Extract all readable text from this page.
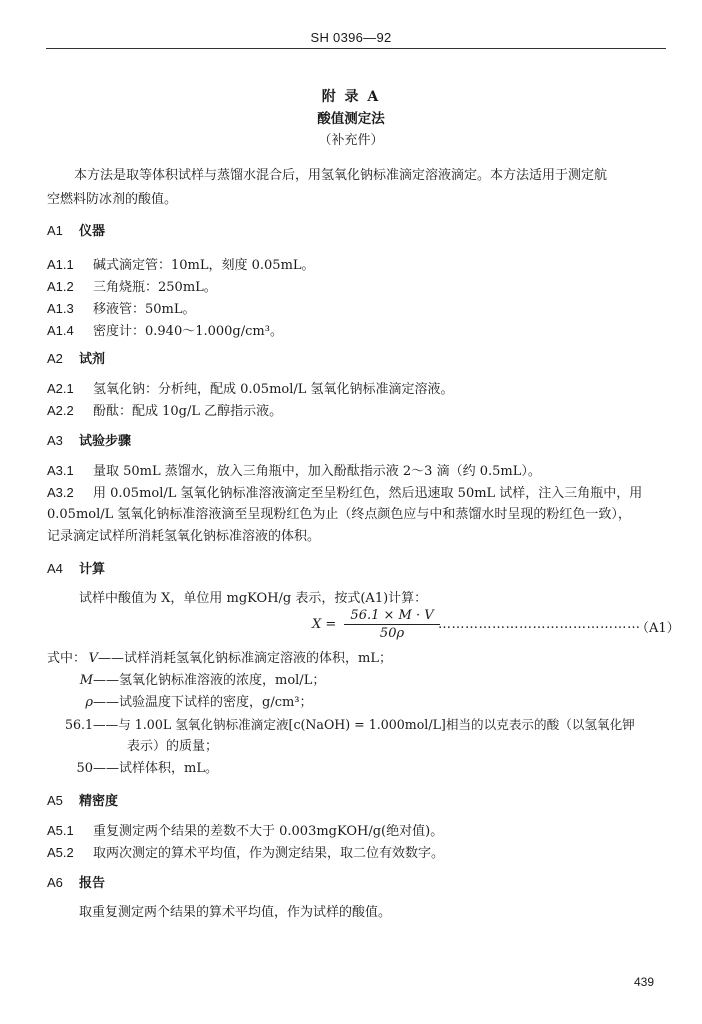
SH 0396—92
附 录 A
酸值测定法
（补充件）
本方法是取等体积试样与蒸馏水混合后，用氢氧化钠标准滴定溶液滴定。本方法适用于测定航
空燃料防冰剂的酸值。
A1 仪器
A1.1 碱式滴定管：10mL，刻度 0.05mL。
A1.2 三角烧瓶：250mL。
A1.3 移液管：50mL。
A1.4 密度计：0.940～1.000g/cm³。
A2 试剂
A2.1 氢氧化钠：分析纯，配成 0.05mol/L 氢氧化钠标准滴定溶液。
A2.2 酚酞：配成 10g/L 乙醇指示液。
A3 试验步骤
A3.1 量取 50mL 蒸馏水，放入三角瓶中，加入酚酞指示液 2～3 滴（约 0.5mL）。
A3.2 用 0.05mol/L 氢氧化钠标准溶液滴定至呈粉红色，然后迅速取 50mL 试样，注入三角瓶中，用
0.05mol/L 氢氧化钠标准溶液滴至呈现粉红色为止（终点颜色应与中和蒸馏水时呈现的粉红色一致），
记录滴定试样所消耗氢氧化钠标准溶液的体积。
A4 计算
试样中酸值为 X，单位用 mgKOH/g 表示，按式(A1)计算：
$X = \frac{56.1 \times M \cdot V}{50\rho}$
………………………………………
（A1）
式中： V——试样消耗氢氧化钠标准滴定溶液的体积，mL；
M——氢氧化钠标准溶液的浓度，mol/L；
ρ——试验温度下试样的密度，g/cm³；
56.1——与 1.00L 氢氧化钠标准滴定液[c(NaOH) = 1.000mol/L]相当的以克表示的酸（以氢氧化钾
表示）的质量；
50——试样体积，mL。
A5 精密度
A5.1 重复测定两个结果的差数不大于 0.003mgKOH/g(绝对值)。
A5.2 取两次测定的算术平均值，作为测定结果，取二位有效数字。
A6 报告
取重复测定两个结果的算术平均值，作为试样的酸值。
439
